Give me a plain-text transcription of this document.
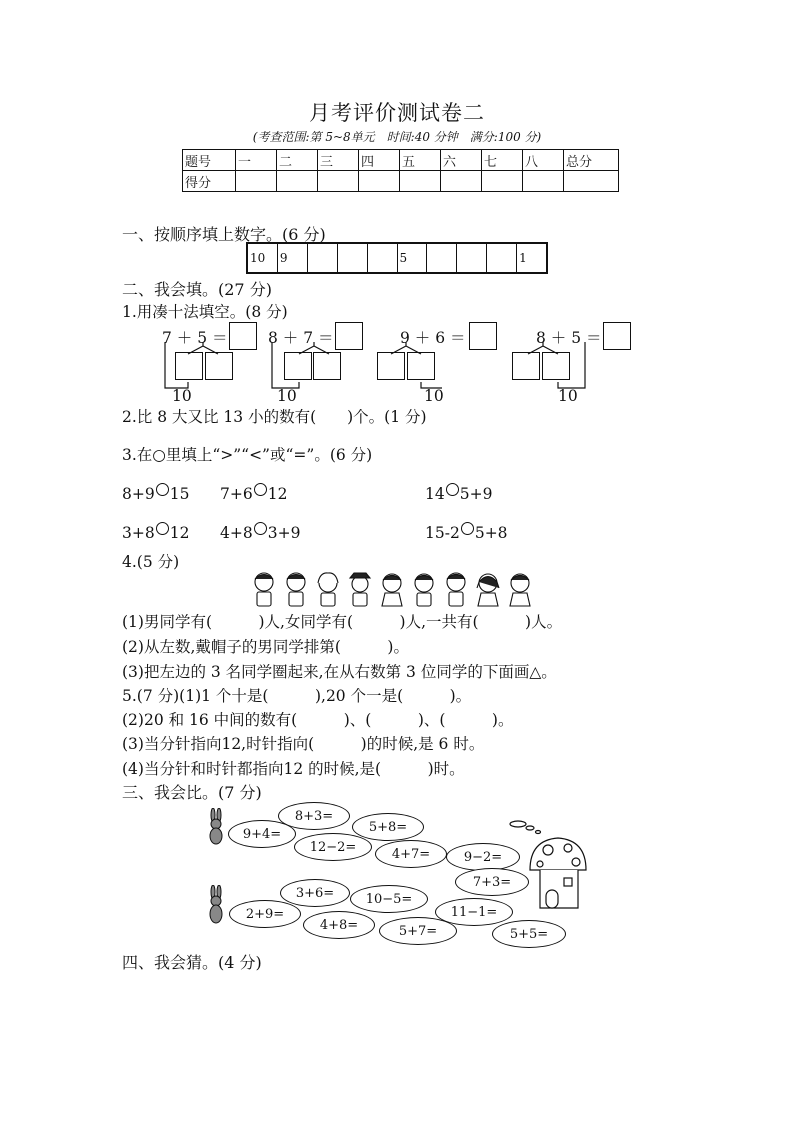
月考评价测试卷二
(考查范围:第 5~8单元　时间:40 分钟　满分:100 分)
题号	一	二	三	四	五	六	七	八	总分
得分									
一、按顺序填上数字。(6 分)
10	9	5	1
二、我会填。(27 分)
1.用凑十法填空。(8 分)
7 ＋ 5 ＝
10
8 ＋ 7 ＝
10
9 ＋ 6 ＝
10
8 ＋ 5 ＝
10
2.比 8 大又比 13 小的数有(　　)个。(1 分)
3.在○里填上“>”“<”或“=”。(6 分)
8+9 15 7+6 12	14 5+9
3+8 12 4+8 3+9	15-2 5+8
4.(5 分)
(1)男同学有(　　　)人,女同学有(　　　)人,一共有(　　　)人。
(2)从左数,戴帽子的男同学排第(　　　)。
(3)把左边的 3 名同学圈起来,在从右数第 3 位同学的下面画△。
5.(7 分)(1)1 个十是(　　　),20 个一是(　　　)。
(2)20 和 16 中间的数有(　　　)、(　　　)、(　　　)。
(3)当分针指向12,时针指向(　　　)的时候,是 6 时。
(4)当分针和时针都指向12 的时候,是(　　　)时。
三、我会比。(7 分)
8+3=
9+4=	5+8=
12−2=	4+7=	9−2=
7+3=
3+6=	10−5=
2+9=	11−1=
4+8=	5+7=	5+5=
四、我会猜。(4 分)
